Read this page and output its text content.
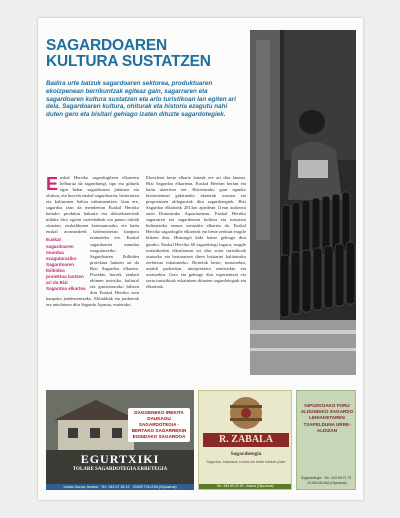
SAGARDOAREN
KULTURA SUSTATZEN
Badira urte batzuk sagardoaren sektorea, produktuaren ekoizpenean berrikuntzak egiteaz gain, sagarraren eta sagardoaren kultura sustatzen eta arlo turistikoan lan egiten ari dela. Sagardoaren kultura, ohiturak eta historia ezagutu nahi duten gero eta bisitari gehiago izaten dituzte sagardotegiek.
Euskal Herriko sagardogileen elkarteen helburua da sagardotegi, tipo eta gidarik egin behar sagardoaren jakintza eta ohitura, eta horrela euskal sagardoaren, historiaren eta kulturaren balioa nabarmentzea. Izan ere, sagardoa izan da mendeetan Euskal Herriko bertako produktu bakarra eta dolarebaserriak milaka litro egiten soziedadeak eta peneu tokiak zituzten, euskaldunen kontsumorako eta baita euskal arrantzaleek baleontzietan kanpora eramateko ere.
Euskal sagardoaren mundua ezagutaraziko Sagardoaren Ibilbidea proiektua lantzen ari da Bizi Sagardoa elkartea
Euskal sagardoaren mundua ezagutaraziko Sagardoaren Ibilbidea proiektua lantzen ari da Bizi Sagardoa elkartea. Proiektu horrek zenbait ekimen turistiko, kultural eta gastronomiko biltzen ditu Euskal Herriko zein kanpoko jendearentzako. Ekitaldiak eta jarduerak ere antolatzen ditu Sagardo Apurua, esaterako.
Ekoizleen beste elkarte batzuk ere ari dira lanean. Bizi Sagardoa elkartean, Euskal Herrian bertan eta baita atzerrian ere. Horretarako gaur egunko bisitarientzat gidatutako ekintzak sortzen eta proposatzen aldagarriak dira sagardotegiek. Bizi Sagardoa elkarteak 2013an apirilean 11ean aurkeztu zuen Donostiako Aquariumean. Euskal Herriko sagarraren eta sagardoaren kultura eta turismoa bultzatzeko asmoz sortutako elkartea da. Euskal Herriko sagardogile elkarteak eta beste zenbait eragile biltzen ditu. Hirurogei kide baino gehiago ditu gaurko. Euskal Herriko 60 sagardotegi inguru, eragile turistikoekin elkarlanean ari dira sorta turistikoak osatzeko eta bertaratzen diren bisitariei kalitatezko zerbitzua eskaintzeko. Bestetak beste, museoekin, asialdi parkeekin, interpretazio zentroekin eta ostatuekin. Gero eta gehiago dira esperientzia eta sorta turistikoak eskaintzen dituzten sagardotegiak eta elkarteak.
DAGOENEKO IREKITA DAUKAGU SAGARDOTEGIA - BERTAKO SAGARREKIN EGINDAKO SAGARDOA
EGURTXIKI
TOLARE SAGARDOTEGIA ERRETEGIA
Urdaiz Auzoa, Amasa · Tel.: 943 67 26 12 · 20400 TOLOSA (Gipuzkoa)
R. ZABALA
Sagardotegia
Sagardoa, bakailaoa, txuleta eta beste hainbat plater
Tel.: 943 69 22 20 · Aduna (Gipuzkoa)
GIPUZKOAKO FORU ALDUNDIKO SAGARDO LEHIAKETAREN TXAPELDUNA URRE-ALDIZAN
Sagardotegia · Tel.: 943 69 07 79 · 20150 ADUNA (Gipuzkoa)
